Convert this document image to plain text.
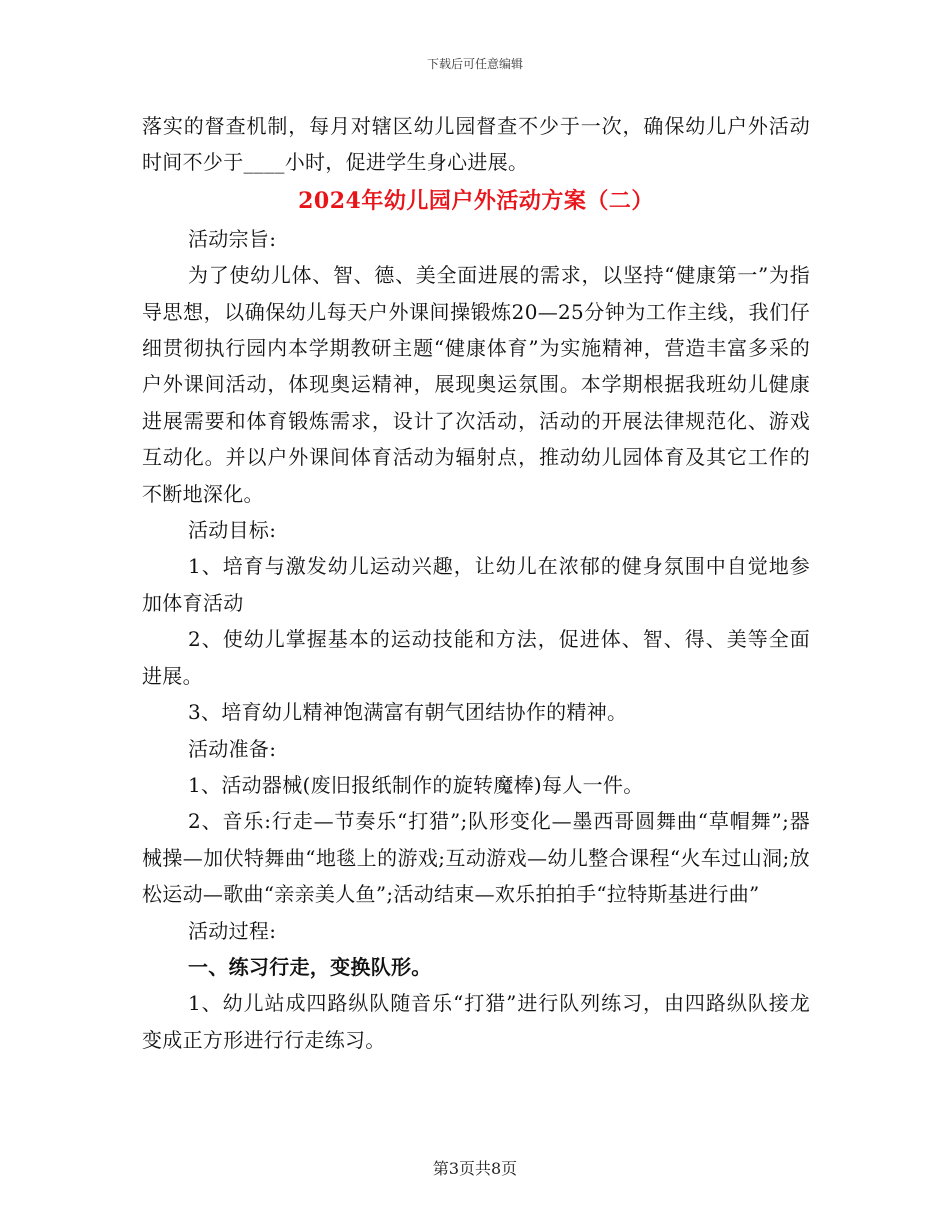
下载后可任意编辑

落实的督查机制，每月对辖区幼儿园督查不少于一次，确保幼儿户外活动时间不少于____小时，促进学生身心进展。

2024年幼儿园户外活动方案（二）

活动宗旨:

为了使幼儿体、智、德、美全面进展的需求，以坚持“健康第一”为指导思想，以确保幼儿每天户外课间操锻炼20—25分钟为工作主线，我们仔细贯彻执行园内本学期教研主题“健康体育”为实施精神，营造丰富多采的户外课间活动，体现奥运精神，展现奥运氛围。本学期根据我班幼儿健康进展需要和体育锻炼需求，设计了次活动，活动的开展法律规范化、游戏互动化。并以户外课间体育活动为辐射点，推动幼儿园体育及其它工作的不断地深化。

活动目标:

1、培育与激发幼儿运动兴趣，让幼儿在浓郁的健身氛围中自觉地参加体育活动

2、使幼儿掌握基本的运动技能和方法，促进体、智、得、美等全面进展。

3、培育幼儿精神饱满富有朝气团结协作的精神。

活动准备:

1、活动器械(废旧报纸制作的旋转魔棒)每人一件。

2、音乐:行走—节奏乐“打猎”;队形变化—墨西哥圆舞曲“草帽舞”;器械操—加伏特舞曲“地毯上的游戏;互动游戏—幼儿整合课程“火车过山洞;放松运动—歌曲“亲亲美人鱼”;活动结束—欢乐拍拍手“拉特斯基进行曲”

活动过程:

一、练习行走，变换队形。

1、幼儿站成四路纵队随音乐“打猎”进行队列练习，由四路纵队接龙变成正方形进行行走练习。

第3页共8页
